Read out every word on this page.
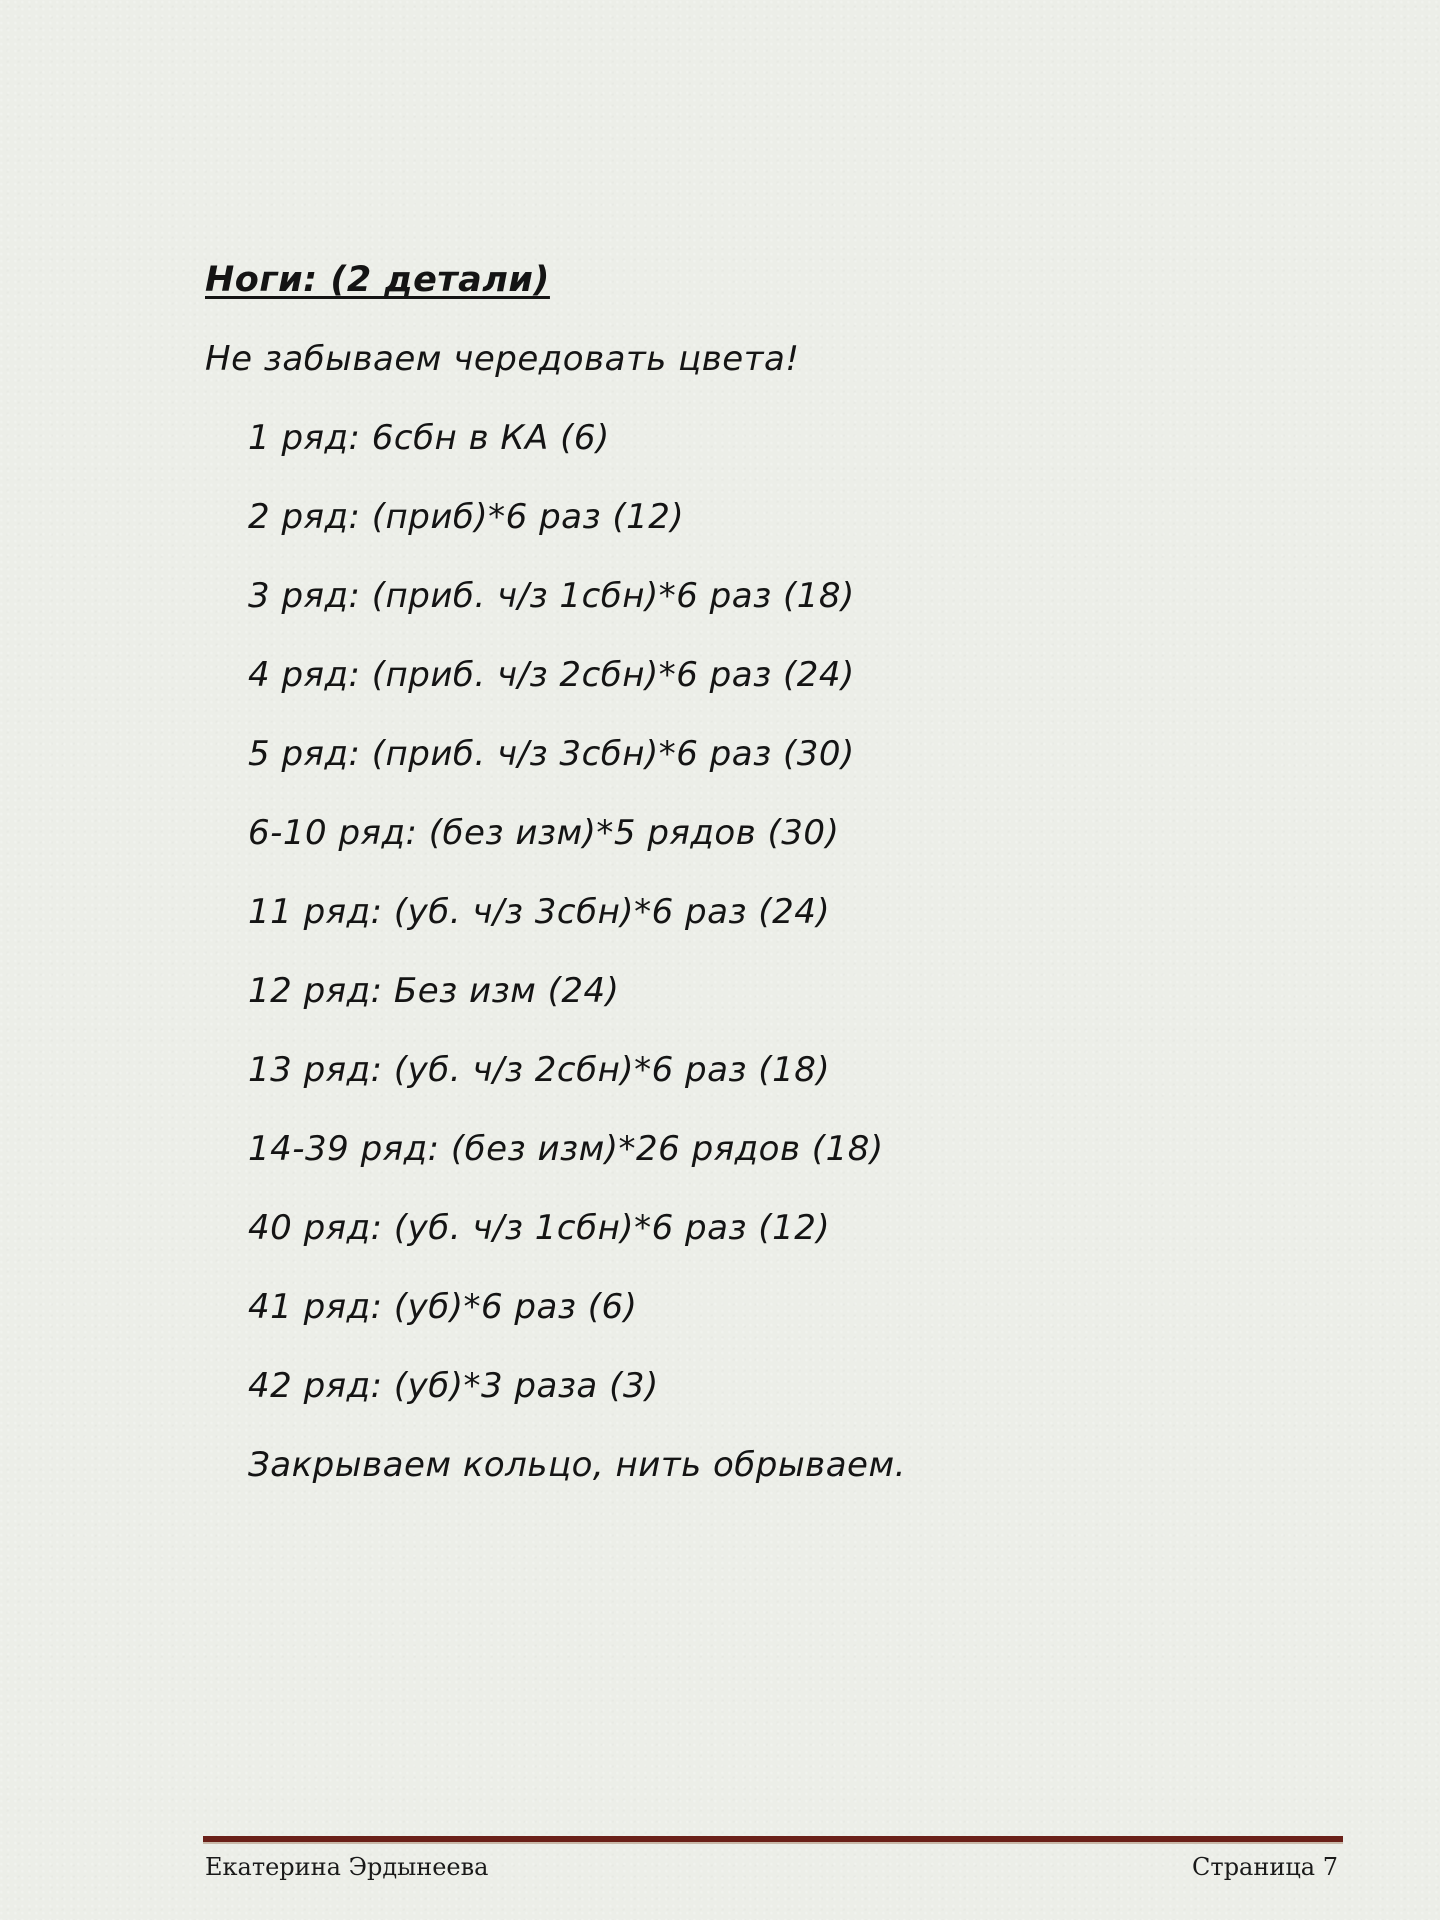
Ноги: (2 детали)

Не забываем чередовать цвета!

1 ряд: 6сбн в КА (6)
2 ряд: (приб)*6 раз (12)
3 ряд: (приб. ч/з 1сбн)*6 раз (18)
4 ряд: (приб. ч/з 2сбн)*6 раз (24)
5 ряд: (приб. ч/з 3сбн)*6 раз (30)
6-10 ряд: (без изм)*5 рядов (30)
11 ряд: (уб. ч/з 3сбн)*6 раз (24)
12 ряд: Без изм (24)
13 ряд: (уб. ч/з 2сбн)*6 раз (18)
14-39 ряд: (без изм)*26 рядов (18)
40 ряд: (уб. ч/з 1сбн)*6 раз (12)
41 ряд: (уб)*6 раз (6)
42 ряд: (уб)*3 раза (3)

Закрываем кольцо, нить обрываем.

Екатерина Эрдынеева	Страница 7
